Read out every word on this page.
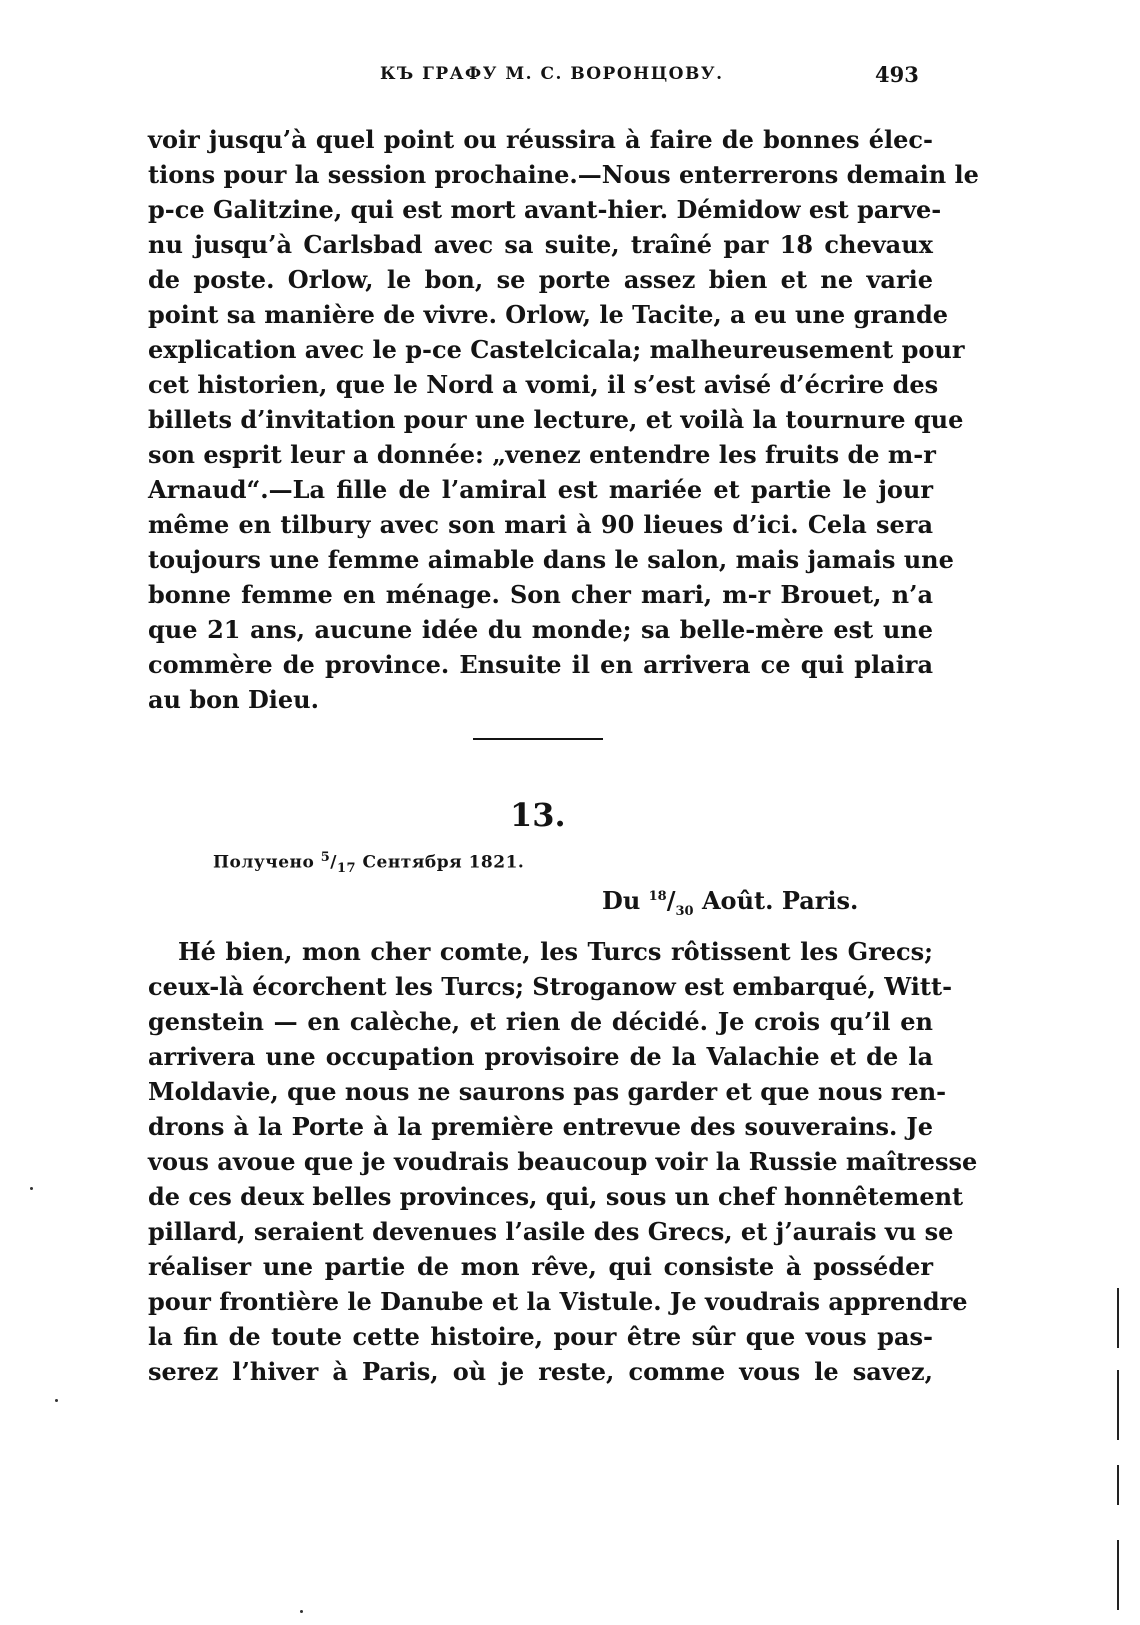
КЪ ГРАФУ М. С. ВОРОНЦОВУ.	493
voir jusqu’à quel point ou réussira à faire de bonnes élec-
tions pour la session prochaine.—Nous enterrerons demain le
p-ce Galitzine, qui est mort avant-hier. Démidow est parve-
nu jusqu’à Carlsbad avec sa suite, traîné par 18 chevaux
de poste. Orlow, le bon, se porte assez bien et ne varie
point sa manière de vivre. Orlow, le Tacite, a eu une grande
explication avec le p-ce Castelcicala; malheureusement pour
cet historien, que le Nord a vomi, il s’est avisé d’écrire des
billets d’invitation pour une lecture, et voilà la tournure que
son esprit leur a donnée: „venez entendre les fruits de m-r
Arnaud“.—La fille de l’amiral est mariée et partie le jour
même en tilbury avec son mari à 90 lieues d’ici. Cela sera
toujours une femme aimable dans le salon, mais jamais une
bonne femme en ménage. Son cher mari, m-r Brouet, n’a
que 21 ans, aucune idée du monde; sa belle-mère est une
commère de province. Ensuite il en arrivera ce qui plaira
au bon Dieu.
13.
Получено $^5/_{17}$ Сентября 1821.
Du $^{18}/_{30}$ Août. Paris.
Hé bien, mon cher comte, les Turcs rôtissent les Grecs;
ceux-là écorchent les Turcs; Stroganow est embarqué, Witt-
genstein — en calèche, et rien de décidé. Je crois qu’il en
arrivera une occupation provisoire de la Valachie et de la
Moldavie, que nous ne saurons pas garder et que nous ren-
drons à la Porte à la première entrevue des souverains. Je
vous avoue que je voudrais beaucoup voir la Russie maîtresse
de ces deux belles provinces, qui, sous un chef honnêtement
pillard, seraient devenues l’asile des Grecs, et j’aurais vu se
réaliser une partie de mon rêve, qui consiste à posséder
pour frontière le Danube et la Vistule. Je voudrais apprendre
la fin de toute cette histoire, pour être sûr que vous pas-
serez l’hiver à Paris, où je reste, comme vous le savez,
